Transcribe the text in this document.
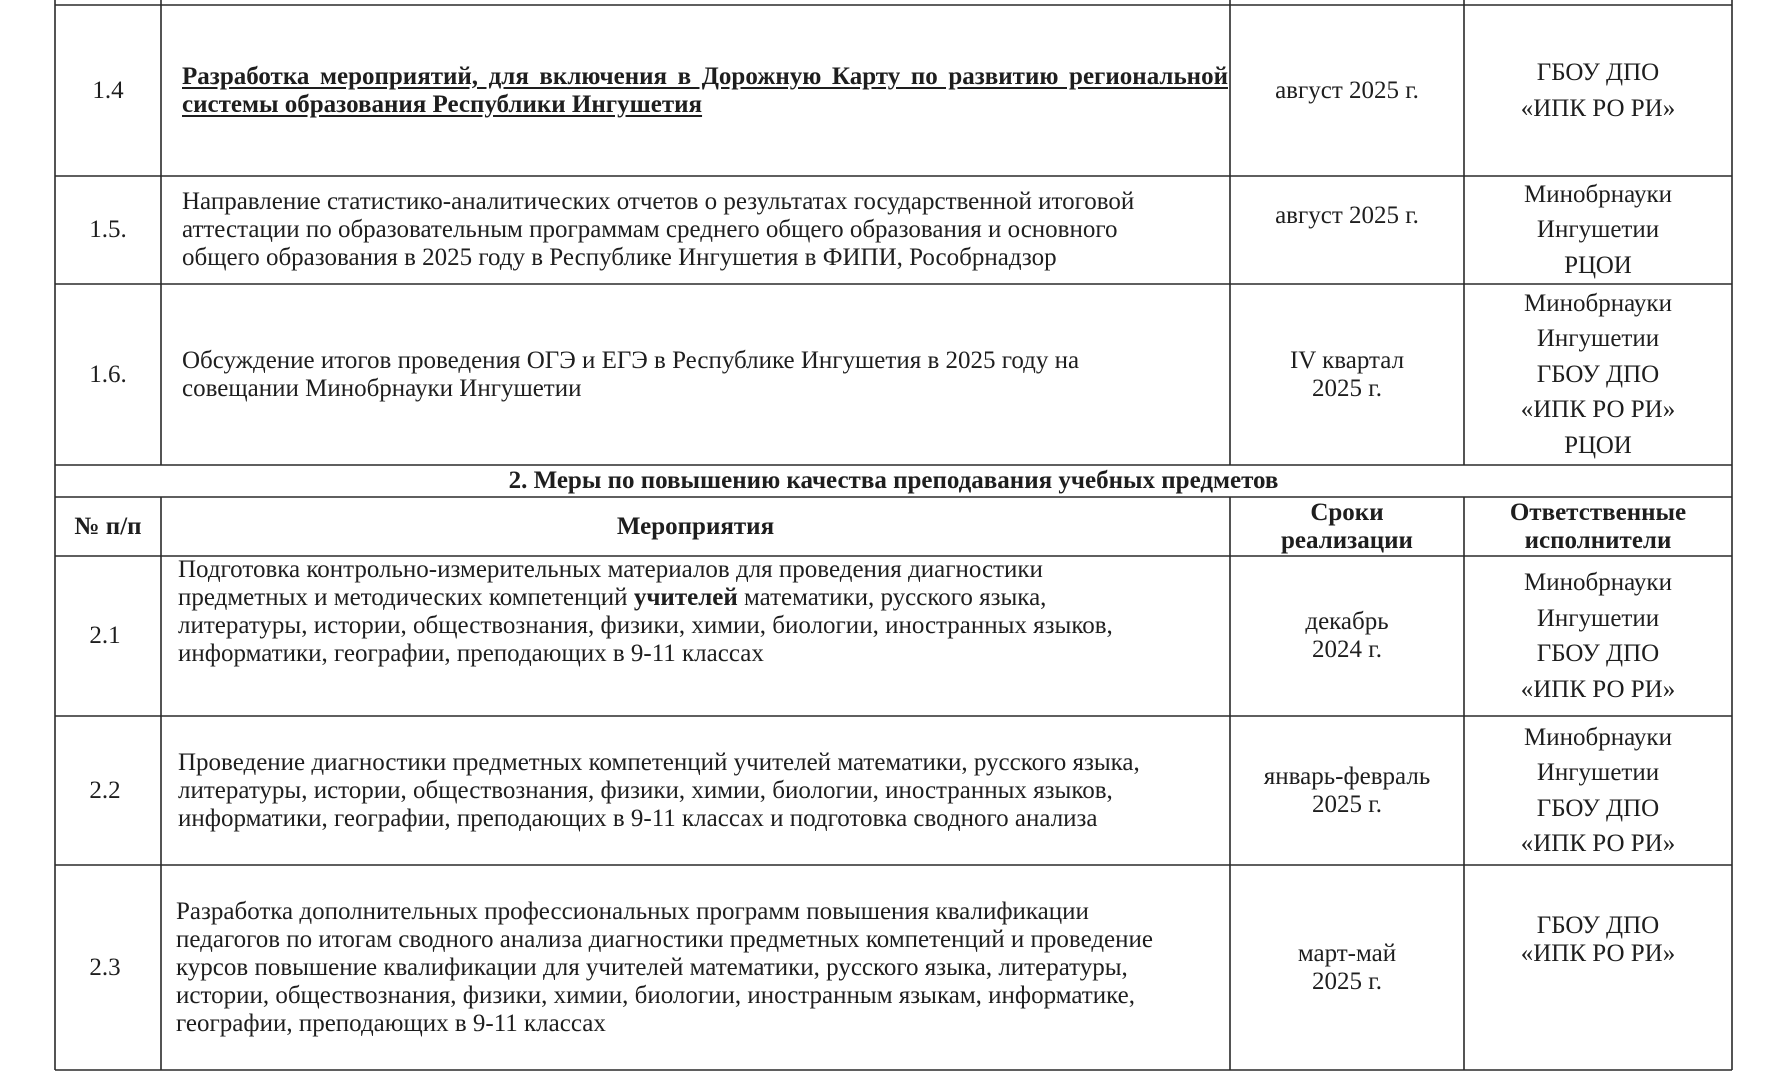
1.4
Разработка мероприятий, для включения в Дорожную Карту по развитию региональной системы образования Республики Ингушетия
август 2025 г.
ГБОУ ДПО
«ИПК РО РИ»
1.5.
Направление статистико-аналитических отчетов о результатах государственной итоговой
аттестации по образовательным программам среднего общего образования и основного
общего образования в 2025 году в Республике Ингушетия в ФИПИ, Рособрнадзор
август 2025 г.
Минобрнауки
Ингушетии
РЦОИ
1.6.
Обсуждение итогов проведения ОГЭ и ЕГЭ в Республике Ингушетия в 2025 году на
совещании Минобрнауки Ингушетии
IV квартал
2025 г.
Минобрнауки
Ингушетии
ГБОУ ДПО
«ИПК РО РИ»
РЦОИ
2. Меры по повышению качества преподавания учебных предметов
№ п/п	Мероприятия
Сроки
реализации
Ответственные
исполнители
2.1
Подготовка контрольно-измерительных материалов для проведения диагностики
предметных и методических компетенций учителей математики, русского языка,
литературы, истории, обществознания, физики, химии, биологии, иностранных языков,
информатики, географии, преподающих в 9-11 классах
декабрь
2024 г.
Минобрнауки
Ингушетии
ГБОУ ДПО
«ИПК РО РИ»
2.2
Проведение диагностики предметных компетенций учителей математики, русского языка,
литературы, истории, обществознания, физики, химии, биологии, иностранных языков,
информатики, географии, преподающих в 9-11 классах и подготовка сводного анализа
январь-февраль
2025 г.
Минобрнауки
Ингушетии
ГБОУ ДПО
«ИПК РО РИ»
2.3
Разработка дополнительных профессиональных программ повышения квалификации
педагогов по итогам сводного анализа диагностики предметных компетенций и проведение
курсов повышение квалификации для учителей математики, русского языка, литературы,
истории, обществознания, физики, химии, биологии, иностранным языкам, информатике,
географии, преподающих в 9-11 классах
март-май
2025 г.
ГБОУ ДПО
«ИПК РО РИ»
